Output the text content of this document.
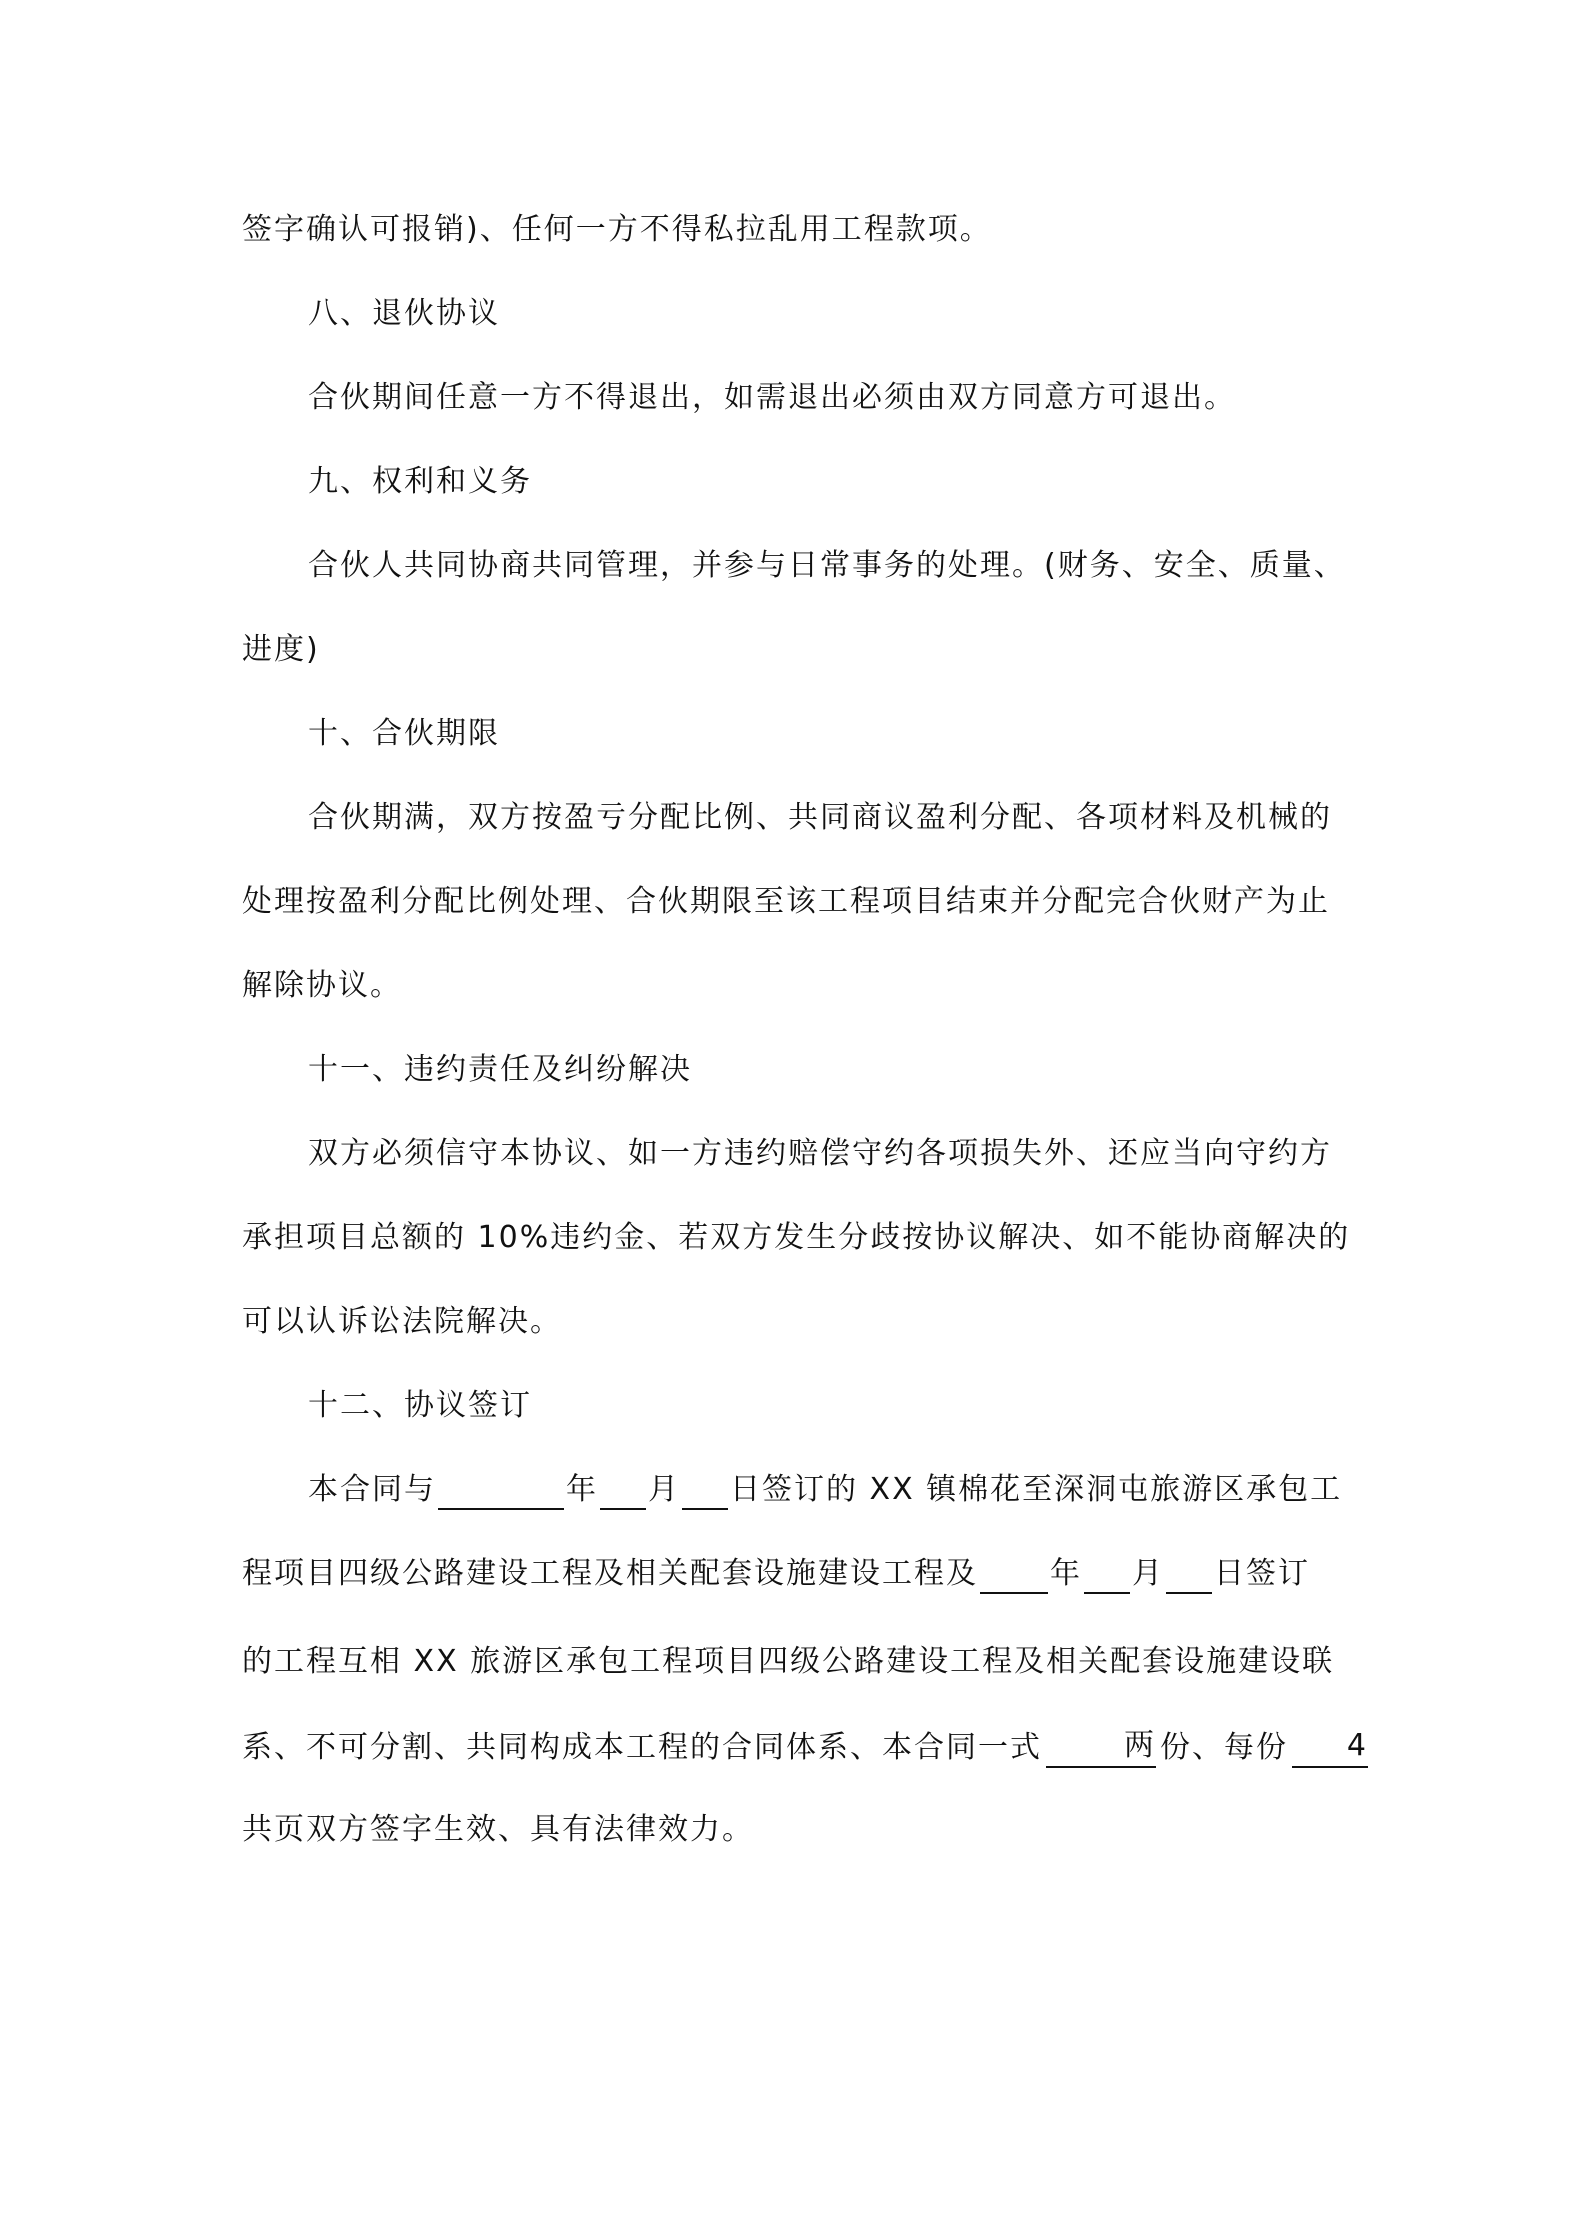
签字确认可报销)、任何一方不得私拉乱用工程款项。
八、退伙协议
合伙期间任意一方不得退出，如需退出必须由双方同意方可退出。
九、权利和义务
合伙人共同协商共同管理，并参与日常事务的处理。(财务、安全、质量、
进度)
十、合伙期限
合伙期满，双方按盈亏分配比例、共同商议盈利分配、各项材料及机械的
处理按盈利分配比例处理、合伙期限至该工程项目结束并分配完合伙财产为止
解除协议。
十一、违约责任及纠纷解决
双方必须信守本协议、如一方违约赔偿守约各项损失外、还应当向守约方
承担项目总额的 10%违约金、若双方发生分歧按协议解决、如不能协商解决的
可以认诉讼法院解决。
十二、协议签订
本合同与	年 月 日签订的 XX 镇棉花至深洞屯旅游区承包工
程项目四级公路建设工程及相关配套设施建设工程及 年 月 日签订
的工程互相 XX 旅游区承包工程项目四级公路建设工程及相关配套设施建设联
系、不可分割、共同构成本工程的合同体系、本合同一式	两 份、每份 4
共页双方签字生效、具有法律效力。
